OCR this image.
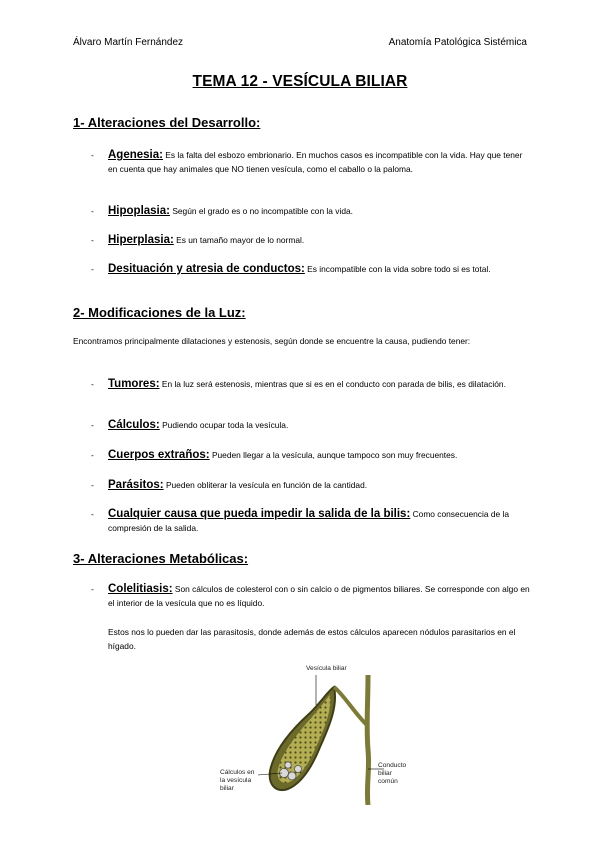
Álvaro Martín Fernández	Anatomía Patológica Sistémica
TEMA 12 - VESÍCULA BILIAR
1- Alteraciones del Desarrollo:
- Agenesia: Es la falta del esbozo embrionario. En muchos casos es incompatible con la vida. Hay que tener en cuenta que hay animales que NO tienen vesícula, como el caballo o la paloma.
- Hipoplasia: Según el grado es o no incompatible con la vida.
- Hiperplasia: Es un tamaño mayor de lo normal.
- Desituación y atresia de conductos: Es incompatible con la vida sobre todo si es total.
2- Modificaciones de la Luz:
Encontramos principalmente dilataciones y estenosis, según donde se encuentre la causa, pudiendo tener:
- Tumores: En la luz será estenosis, mientras que si es en el conducto con parada de bilis, es dilatación.
- Cálculos: Pudiendo ocupar toda la vesícula.
- Cuerpos extraños: Pueden llegar a la vesícula, aunque tampoco son muy frecuentes.
- Parásitos: Pueden obliterar la vesícula en función de la cantidad.
- Cualquier causa que pueda impedir la salida de la bilis: Como consecuencia de la compresión de la salida.
3- Alteraciones Metabólicas:
- Colelitiasis: Son cálculos de colesterol con o sin calcio o de pigmentos biliares. Se corresponde con algo en el interior de la vesícula que no es líquido.
Estos nos lo pueden dar las parasitosis, donde además de estos cálculos aparecen nódulos parasitarios en el hígado.
Vesícula biliar
Cálculos en la vesícula biliar
Conducto biliar común
